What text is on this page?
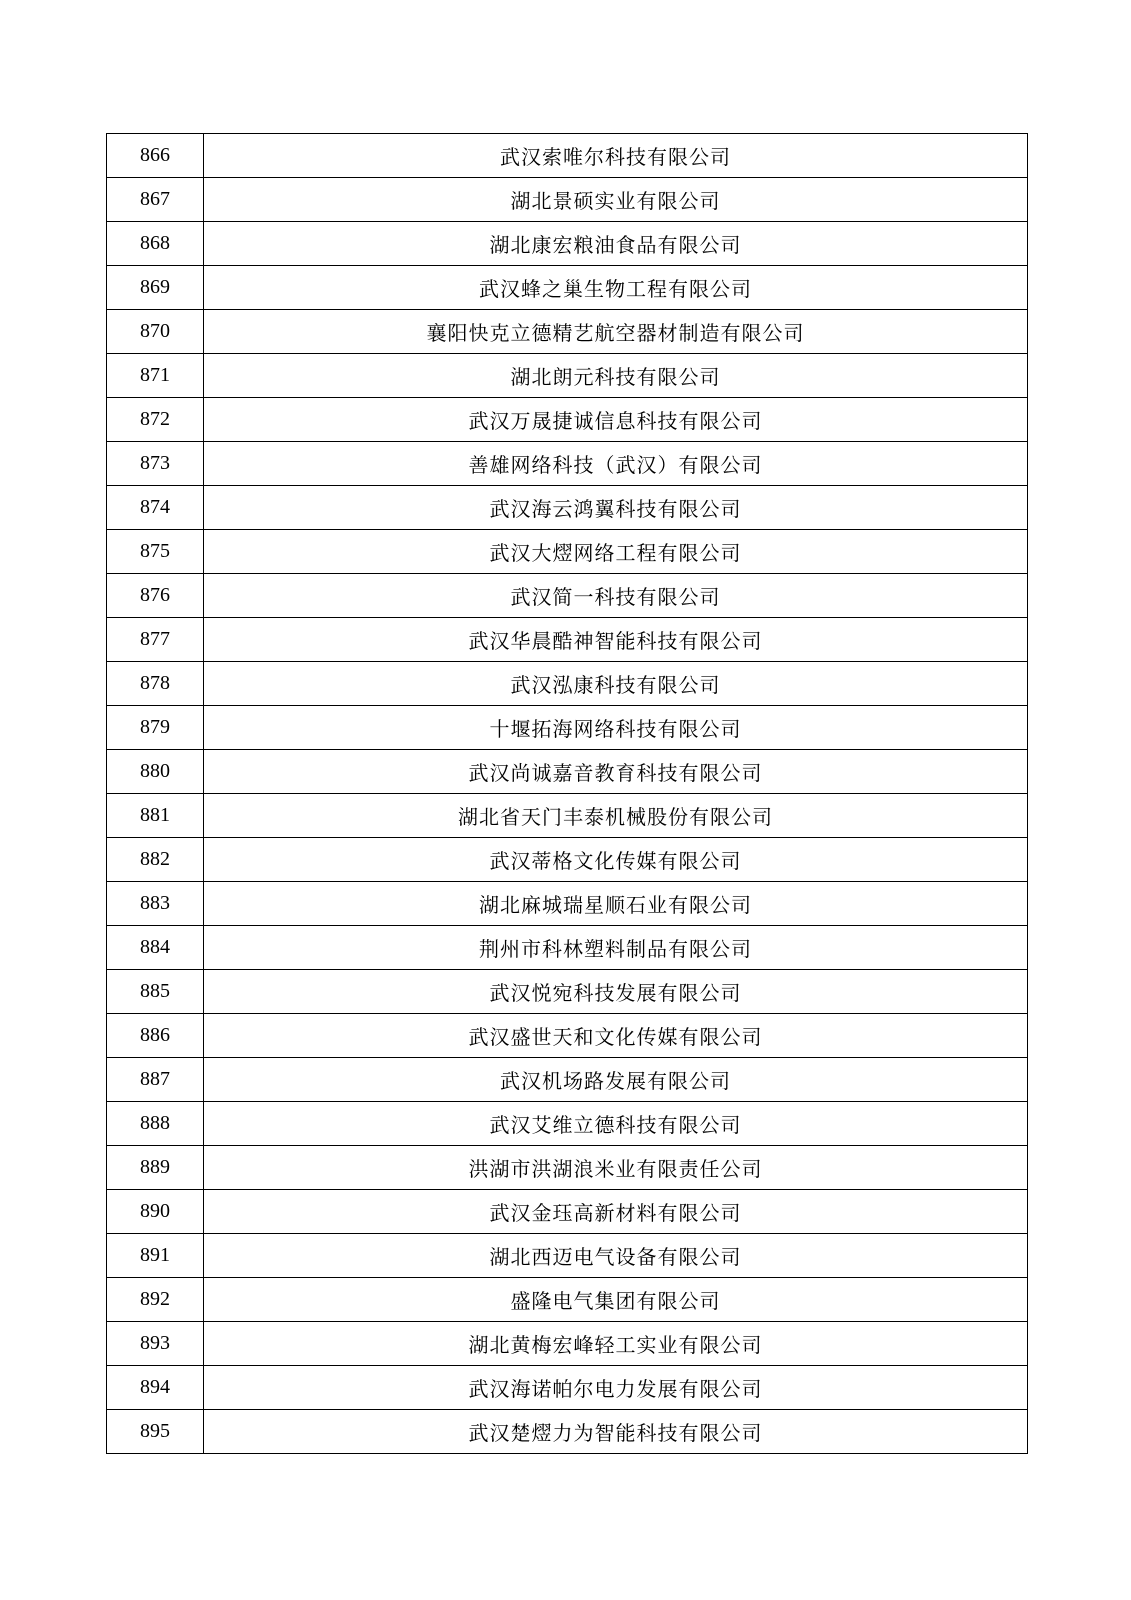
866	武汉索唯尔科技有限公司
867	湖北景硕实业有限公司
868	湖北康宏粮油食品有限公司
869	武汉蜂之巢生物工程有限公司
870	襄阳快克立德精艺航空器材制造有限公司
871	湖北朗元科技有限公司
872	武汉万晟捷诚信息科技有限公司
873	善雄网络科技（武汉）有限公司
874	武汉海云鸿翼科技有限公司
875	武汉大熤网络工程有限公司
876	武汉简一科技有限公司
877	武汉华晨酷神智能科技有限公司
878	武汉泓康科技有限公司
879	十堰拓海网络科技有限公司
880	武汉尚诚嘉音教育科技有限公司
881	湖北省天门丰泰机械股份有限公司
882	武汉蒂格文化传媒有限公司
883	湖北麻城瑞星顺石业有限公司
884	荆州市科林塑料制品有限公司
885	武汉悦宛科技发展有限公司
886	武汉盛世天和文化传媒有限公司
887	武汉机场路发展有限公司
888	武汉艾维立德科技有限公司
889	洪湖市洪湖浪米业有限责任公司
890	武汉金珏高新材料有限公司
891	湖北西迈电气设备有限公司
892	盛隆电气集团有限公司
893	湖北黄梅宏峰轻工实业有限公司
894	武汉海诺帕尔电力发展有限公司
895	武汉楚熤力为智能科技有限公司
